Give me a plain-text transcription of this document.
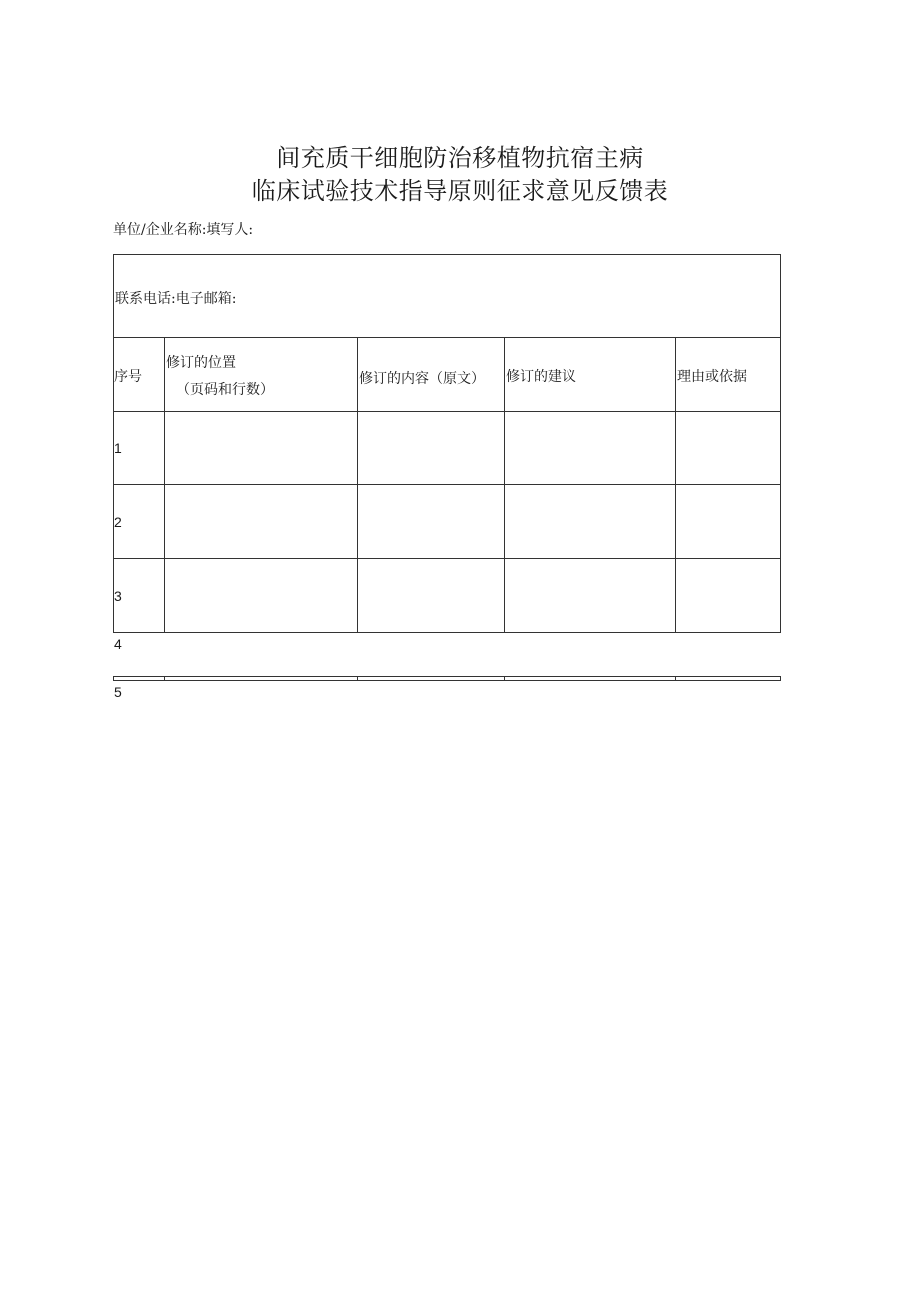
间充质干细胞防治移植物抗宿主病
临床试验技术指导原则征求意见反馈表
单位/企业名称:填写人:
联系电话:电子邮箱:
序号
修订的位置
（页码和行数）
修订的内容（原文） 修订的建议	理由或依据
1
2
3
4
5
